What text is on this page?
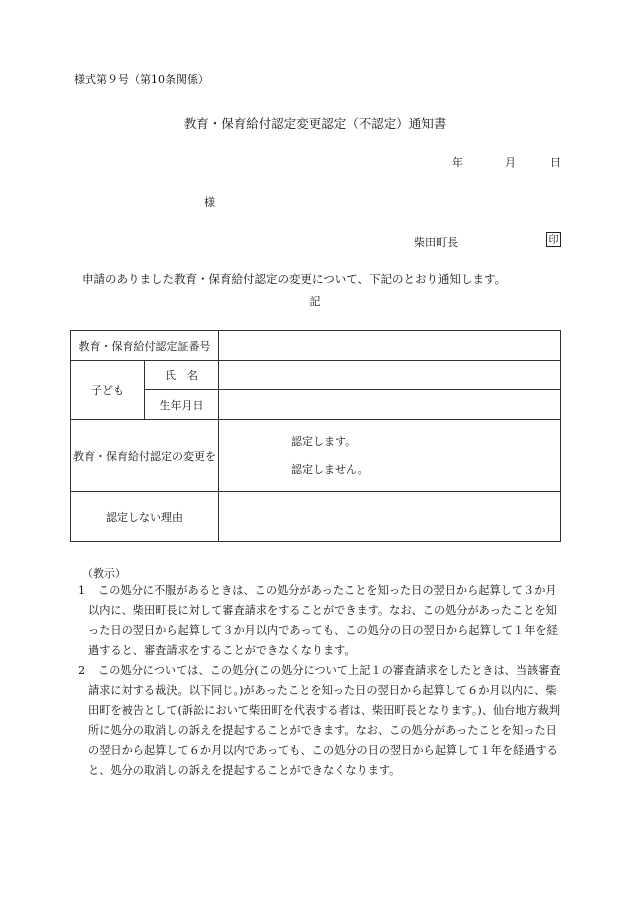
様式第９号（第10条関係）
教育・保育給付認定変更認定（不認定）通知書
年	月	日
様
柴田町長	印
申請のありました教育・保育給付認定の変更について、下記のとおり通知します。
記
教育・保育給付認定証番号		
子ども	氏　名	
	生年月日	
教育・保育給付認定の変更を		認定します。
認定しません。

認定しない理由		
（教示）
1	この処分に不服があるときは、この処分があったことを知った日の翌日から起算して３か月以内に、柴田町長に対して審査請求をすることができます。なお、この処分があったことを知った日の翌日から起算して３か月以内であっても、この処分の日の翌日から起算して１年を経過すると、審査請求をすることができなくなります。
2	この処分については、この処分(この処分について上記１の審査請求をしたときは、当該審査請求に対する裁決。以下同じ。)があったことを知った日の翌日から起算して６か月以内に、柴田町を被告として(訴訟において柴田町を代表する者は、柴田町長となります。)、仙台地方裁判所に処分の取消しの訴えを提起することができます。なお、この処分があったことを知った日の翌日から起算して６か月以内であっても、この処分の日の翌日から起算して１年を経過すると、処分の取消しの訴えを提起することができなくなります。
